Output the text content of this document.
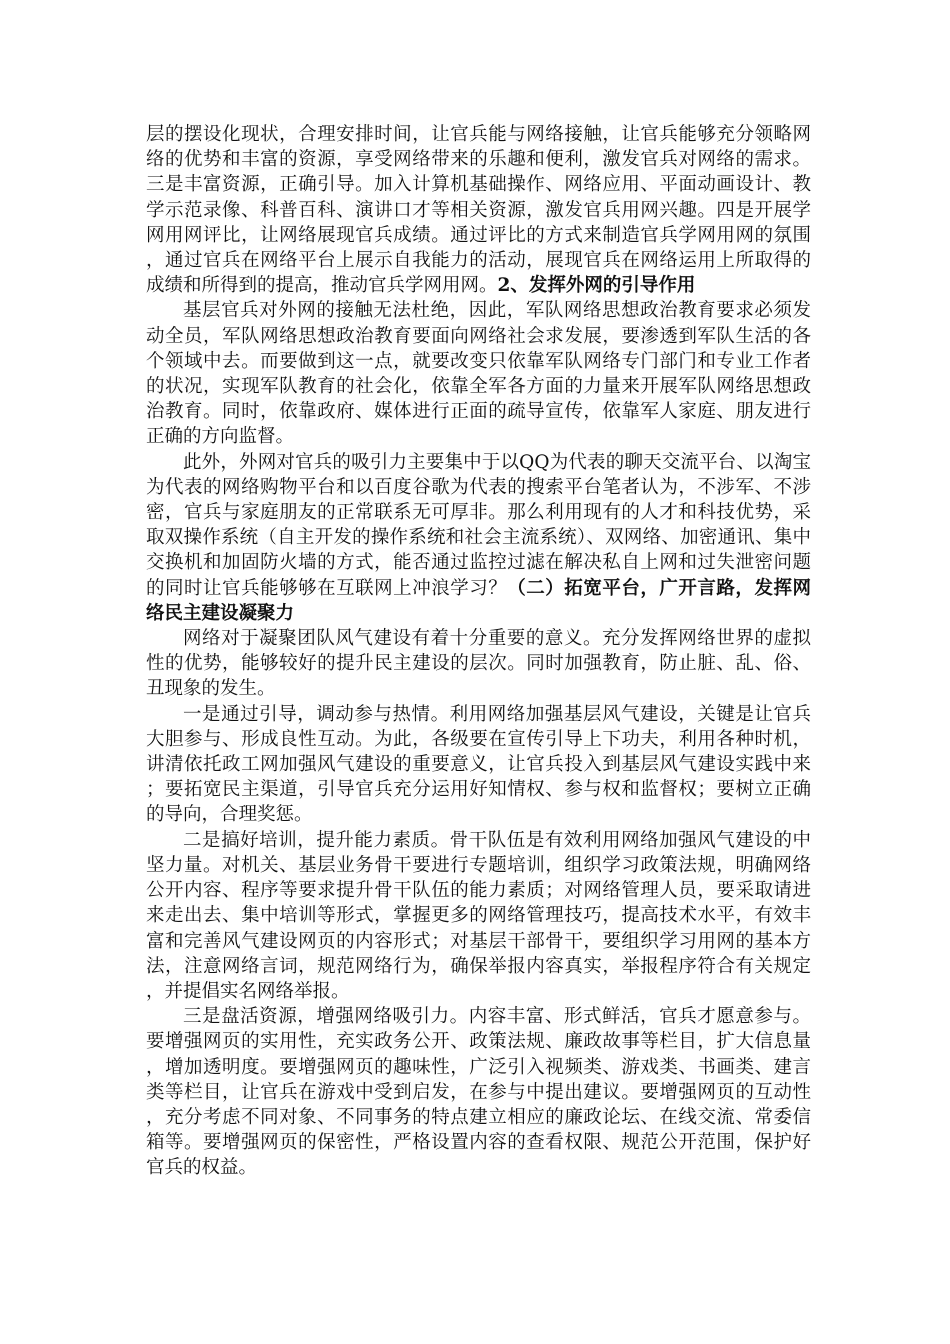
层的摆设化现状，合理安排时间，让官兵能与网络接触，让官兵能够充分领略网络的优势和丰富的资源，享受网络带来的乐趣和便利，激发官兵对网络的需求。三是丰富资源，正确引导。加入计算机基础操作、网络应用、平面动画设计、教学示范录像、科普百科、演讲口才等相关资源，激发官兵用网兴趣。四是开展学网用网评比，让网络展现官兵成绩。通过评比的方式来制造官兵学网用网的氛围，通过官兵在网络平台上展示自我能力的活动，展现官兵在网络运用上所取得的成绩和所得到的提高，推动官兵学网用网。2、发挥外网的引导作用

基层官兵对外网的接触无法杜绝，因此，军队网络思想政治教育要求必须发动全员，军队网络思想政治教育要面向网络社会求发展，要渗透到军队生活的各个领域中去。而要做到这一点，就要改变只依靠军队网络专门部门和专业工作者的状况，实现军队教育的社会化，依靠全军各方面的力量来开展军队网络思想政治教育。同时，依靠政府、媒体进行正面的疏导宣传，依靠军人家庭、朋友进行正确的方向监督。

此外，外网对官兵的吸引力主要集中于以QQ为代表的聊天交流平台、以淘宝为代表的网络购物平台和以百度谷歌为代表的搜索平台笔者认为，不涉军、不涉密，官兵与家庭朋友的正常联系无可厚非。那么利用现有的人才和科技优势，采取双操作系统（自主开发的操作系统和社会主流系统）、双网络、加密通讯、集中交换机和加固防火墙的方式，能否通过监控过滤在解决私自上网和过失泄密问题的同时让官兵能够够在互联网上冲浪学习？（二）拓宽平台，广开言路，发挥网络民主建设凝聚力

网络对于凝聚团队风气建设有着十分重要的意义。充分发挥网络世界的虚拟性的优势，能够较好的提升民主建设的层次。同时加强教育，防止脏、乱、俗、丑现象的发生。

一是通过引导，调动参与热情。利用网络加强基层风气建设，关键是让官兵大胆参与、形成良性互动。为此，各级要在宣传引导上下功夫，利用各种时机，讲清依托政工网加强风气建设的重要意义，让官兵投入到基层风气建设实践中来；要拓宽民主渠道，引导官兵充分运用好知情权、参与权和监督权；要树立正确的导向，合理奖惩。

二是搞好培训，提升能力素质。骨干队伍是有效利用网络加强风气建设的中坚力量。对机关、基层业务骨干要进行专题培训，组织学习政策法规，明确网络公开内容、程序等要求提升骨干队伍的能力素质；对网络管理人员，要采取请进来走出去、集中培训等形式，掌握更多的网络管理技巧，提高技术水平，有效丰富和完善风气建设网页的内容形式；对基层干部骨干，要组织学习用网的基本方法，注意网络言词，规范网络行为，确保举报内容真实，举报程序符合有关规定，并提倡实名网络举报。

三是盘活资源，增强网络吸引力。内容丰富、形式鲜活，官兵才愿意参与。要增强网页的实用性，充实政务公开、政策法规、廉政故事等栏目，扩大信息量，增加透明度。要增强网页的趣味性，广泛引入视频类、游戏类、书画类、建言类等栏目，让官兵在游戏中受到启发，在参与中提出建议。要增强网页的互动性，充分考虑不同对象、不同事务的特点建立相应的廉政论坛、在线交流、常委信箱等。要增强网页的保密性，严格设置内容的查看权限、规范公开范围，保护好官兵的权益。
